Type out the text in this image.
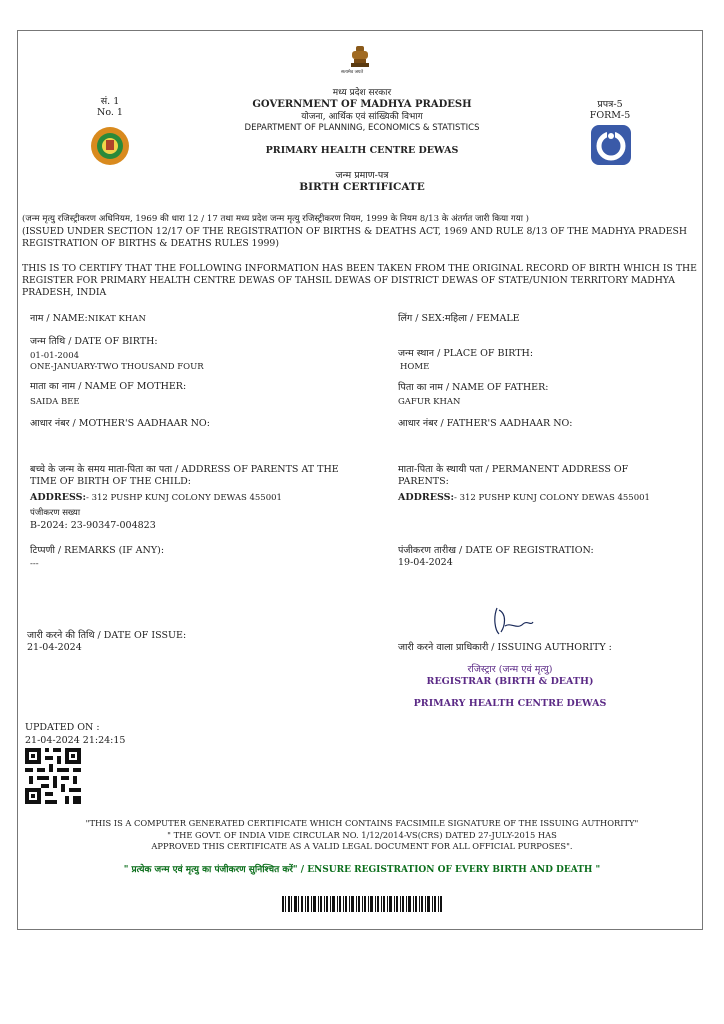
सत्यमेव जयते
मध्य प्रदेश सरकार
GOVERNMENT OF MADHYA PRADESH
योजना, आर्थिक एवं सांख्यिकी विभाग
DEPARTMENT OF PLANNING, ECONOMICS & STATISTICS
PRIMARY HEALTH CENTRE DEWAS
जन्म प्रमाण-पत्र
BIRTH CERTIFICATE
सं. 1
No. 1
प्रपत्र-5
FORM-5
(जन्म मृत्यु रजिस्ट्रीकरण अधिनियम, 1969 की धारा 12 / 17 तथा मध्य प्रदेश जन्म मृत्यु रजिस्ट्रीकरण नियम, 1999 के नियम 8/13 के अंतर्गत जारी किया गया )
(ISSUED UNDER SECTION 12/17 OF THE REGISTRATION OF BIRTHS & DEATHS ACT, 1969 AND RULE 8/13 OF THE MADHYA PRADESH REGISTRATION OF BIRTHS & DEATHS RULES 1999)
THIS IS TO CERTIFY THAT THE FOLLOWING INFORMATION HAS BEEN TAKEN FROM THE ORIGINAL RECORD OF BIRTH WHICH IS THE REGISTER FOR PRIMARY HEALTH CENTRE DEWAS OF TAHSIL DEWAS OF DISTRICT DEWAS OF STATE/UNION TERRITORY MADHYA PRADESH, INDIA
नाम / NAME:NIKAT KHAN
जन्म तिथि / DATE OF BIRTH:
01-01-2004
ONE-JANUARY-TWO THOUSAND FOUR
माता का नाम / NAME OF MOTHER:
SAIDA BEE
आधार नंबर / MOTHER'S AADHAAR NO:
बच्चे के जन्म के समय माता-पिता का पता / ADDRESS OF PARENTS AT THE
TIME OF BIRTH OF THE CHILD:
ADDRESS:- 312 PUSHP KUNJ COLONY DEWAS 455001
पंजीकरण सख्‍या
B-2024: 23-90347-004823
टिप्पणी / REMARKS (IF ANY):
---
जारी करने की तिथि / DATE OF ISSUE:
21-04-2024
लिंग / SEX:महिला / FEMALE
जन्म स्थान / PLACE OF BIRTH:
HOME
पिता का नाम / NAME OF FATHER:
GAFUR KHAN
आधार नंबर / FATHER'S AADHAAR NO:
माता-पिता के स्थायी पता / PERMANENT ADDRESS OF
PARENTS:
ADDRESS:- 312 PUSHP KUNJ COLONY DEWAS 455001
पंजीकरण तारीख / DATE OF REGISTRATION:
19-04-2024
जारी करने वाला प्राधिकारी / ISSUING AUTHORITY :
रजिस्ट्रार (जन्म एवं मृत्यु)
REGISTRAR (BIRTH & DEATH)
PRIMARY HEALTH CENTRE DEWAS
UPDATED ON :
21-04-2024 21:24:15
"THIS IS A COMPUTER GENERATED CERTIFICATE WHICH CONTAINS FACSIMILE SIGNATURE OF THE ISSUING AUTHORITY"
" THE GOVT. OF INDIA VIDE CIRCULAR NO. 1/12/2014-VS(CRS) DATED 27-JULY-2015 HAS
APPROVED THIS CERTIFICATE AS A VALID LEGAL DOCUMENT FOR ALL OFFICIAL PURPOSES".
" प्रत्येक जन्म एवं मृत्यु का पंजीकरण सुनिश्चित करें" / ENSURE REGISTRATION OF EVERY BIRTH AND DEATH "
